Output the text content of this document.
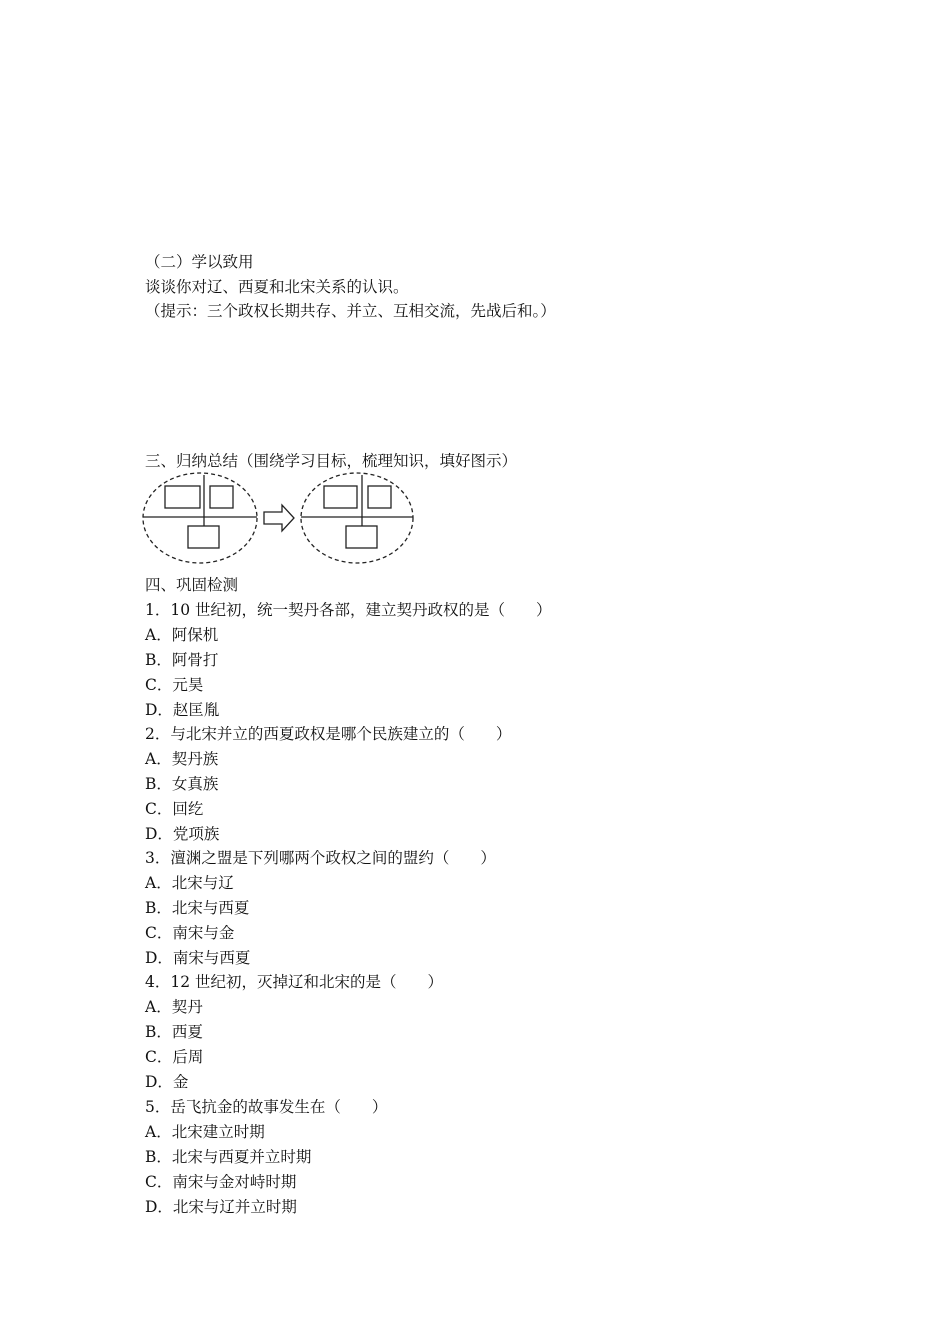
（二）学以致用
谈谈你对辽、西夏和北宋关系的认识。
（提示：三个政权长期共存、并立、互相交流，先战后和。）
三、归纳总结（围绕学习目标，梳理知识，填好图示）
四、巩固检测
1．10 世纪初，统一契丹各部，建立契丹政权的是（　　）
A．阿保机
B．阿骨打
C．元昊
D．赵匡胤
2．与北宋并立的西夏政权是哪个民族建立的（　　）
A．契丹族
B．女真族
C．回纥
D．党项族
3．澶渊之盟是下列哪两个政权之间的盟约（　　）
A．北宋与辽
B．北宋与西夏
C．南宋与金
D．南宋与西夏
4．12 世纪初，灭掉辽和北宋的是（　　）
A．契丹
B．西夏
C．后周
D．金
5．岳飞抗金的故事发生在（　　）
A．北宋建立时期
B．北宋与西夏并立时期
C．南宋与金对峙时期
D．北宋与辽并立时期
